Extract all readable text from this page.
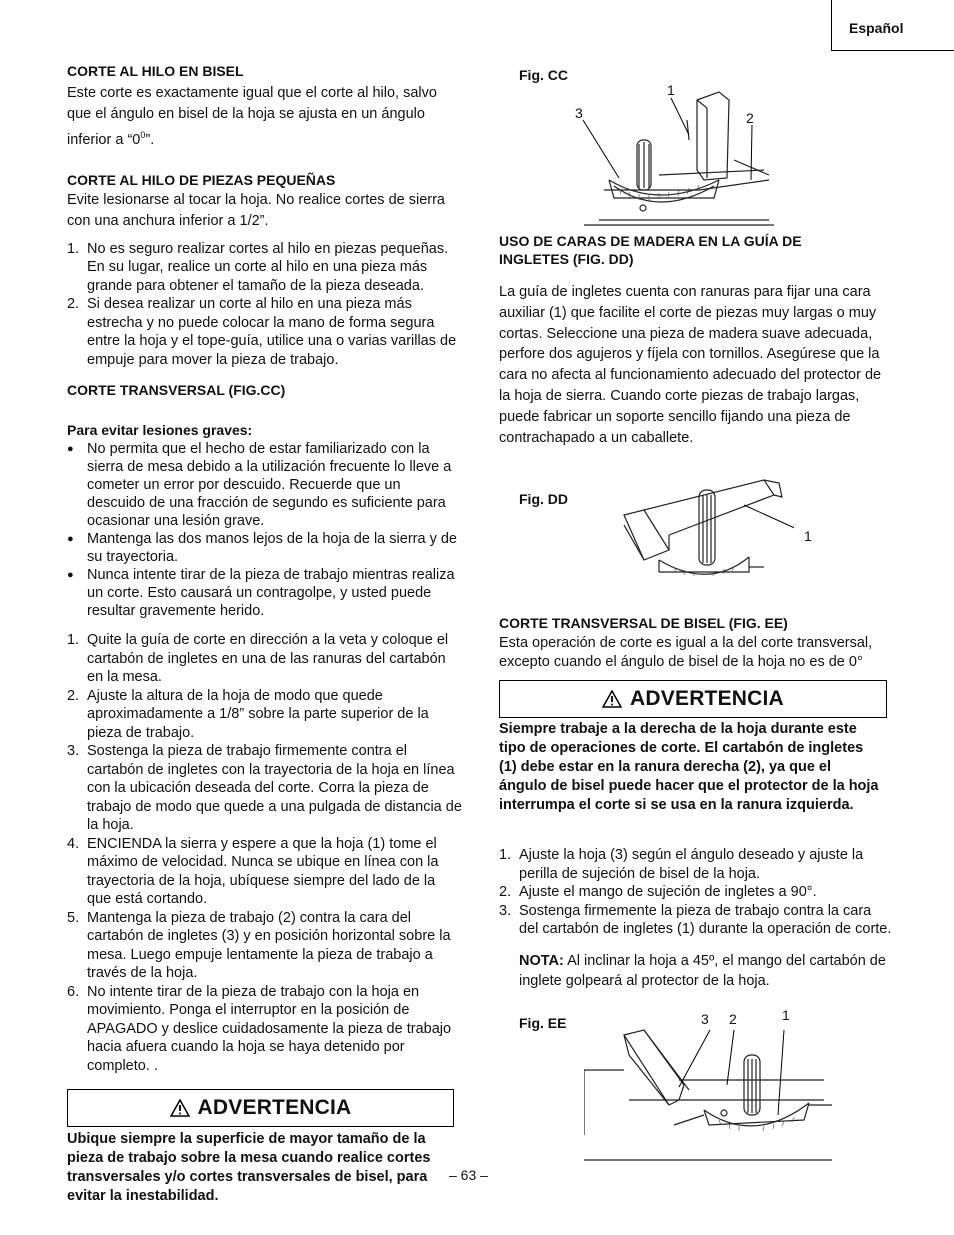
Español
CORTE AL HILO EN BISEL

Este corte es exactamente igual que el corte al hilo, salvo que el ángulo en bisel de la hoja se ajusta en un ángulo inferior a “$0^0$”.

CORTE AL HILO DE PIEZAS PEQUEÑAS

Evite lesionarse al tocar la hoja. No realice cortes de sierra con una anchura inferior a 1/2”.

1. No es seguro realizar cortes al hilo en piezas pequeñas. En su lugar, realice un corte al hilo en una pieza más grande para obtener el tamaño de la pieza deseada.
2. Si desea realizar un corte al hilo en una pieza más estrecha y no puede colocar la mano de forma segura entre la hoja y el tope-guía, utilice una o varias varillas de empuje para mover la pieza de trabajo.
CORTE TRANSVERSAL (FIG.CC)
Para evitar lesiones graves:
● No permita que el hecho de estar familiarizado con la sierra de mesa debido a la utilización frecuente lo lleve a cometer un error por descuido. Recuerde que un descuido de una fracción de segundo es suficiente para ocasionar una lesión grave.
● Mantenga las dos manos lejos de la hoja de la sierra y de su trayectoria.
● Nunca intente tirar de la pieza de trabajo mientras realiza un corte. Esto causará un contragolpe, y usted puede resultar gravemente herido.
1. Quite la guía de corte en dirección a la veta y coloque el cartabón de ingletes en una de las ranuras del cartabón en la mesa.
2. Ajuste la altura de la hoja de modo que quede aproximadamente a 1/8” sobre la parte superior de la pieza de trabajo.
3. Sostenga la pieza de trabajo firmemente contra el cartabón de ingletes con la trayectoria de la hoja en línea con la ubicación deseada del corte. Corra la pieza de trabajo de modo que quede a una pulgada de distancia de la hoja.
4. ENCIENDA la sierra y espere a que la hoja (1) tome el máximo de velocidad. Nunca se ubique en línea con la trayectoria de la hoja, ubíquese siempre del lado de la que está cortando.
5. Mantenga la pieza de trabajo (2) contra la cara del cartabón de ingletes (3) y en posición horizontal sobre la mesa. Luego empuje lentamente la pieza de trabajo a través de la hoja.
6. No intente tirar de la pieza de trabajo con la hoja en movimiento. Ponga el interruptor en la posición de APAGADO y deslice cuidadosamente la pieza de trabajo hacia afuera cuando la hoja se haya detenido por completo. .
ADVERTENCIA

Ubique siempre la superficie de mayor tamaño de la pieza de trabajo sobre la mesa cuando realice cortes transversales y/o cortes transversales de bisel, para evitar la inestabilidad.

Fig. CC
1
2
3
USO DE CARAS DE MADERA EN LA GUÍA DE INGLETES (FIG. DD)

La guía de ingletes cuenta con ranuras para fijar una cara auxiliar (1) que facilite el corte de piezas muy largas o muy cortas. Seleccione una pieza de madera suave adecuada, perfore dos agujeros y fíjela con tornillos. Asegúrese que la cara no afecta al funcionamiento adecuado del protector de la hoja de sierra. Cuando corte piezas de trabajo largas, puede fabricar un soporte sencillo fijando una pieza de contrachapado a un caballete.

Fig. DD
1
CORTE TRANSVERSAL DE BISEL (FIG. EE)

Esta operación de corte es igual a la del corte transversal, excepto cuando el ángulo de bisel de la hoja no es de 0°

ADVERTENCIA

Siempre trabaje a la derecha de la hoja durante este tipo de operaciones de corte. El cartabón de ingletes (1) debe estar en la ranura derecha (2), ya que el ángulo de bisel puede hacer que el protector de la hoja interrumpa el corte si se usa en la ranura izquierda.

1. Ajuste la hoja (3) según el ángulo deseado y ajuste la perilla de sujeción de bisel de la hoja.
2. Ajuste el mango de sujeción de ingletes a 90°.
3. Sostenga firmemente la pieza de trabajo contra la cara del cartabón de ingletes (1) durante la operación de corte.

NOTA: Al inclinar la hoja a 45º, el mango del cartabón de inglete golpeará al protector de la hoja.

Fig. EE	3 2	1
– 63 –
